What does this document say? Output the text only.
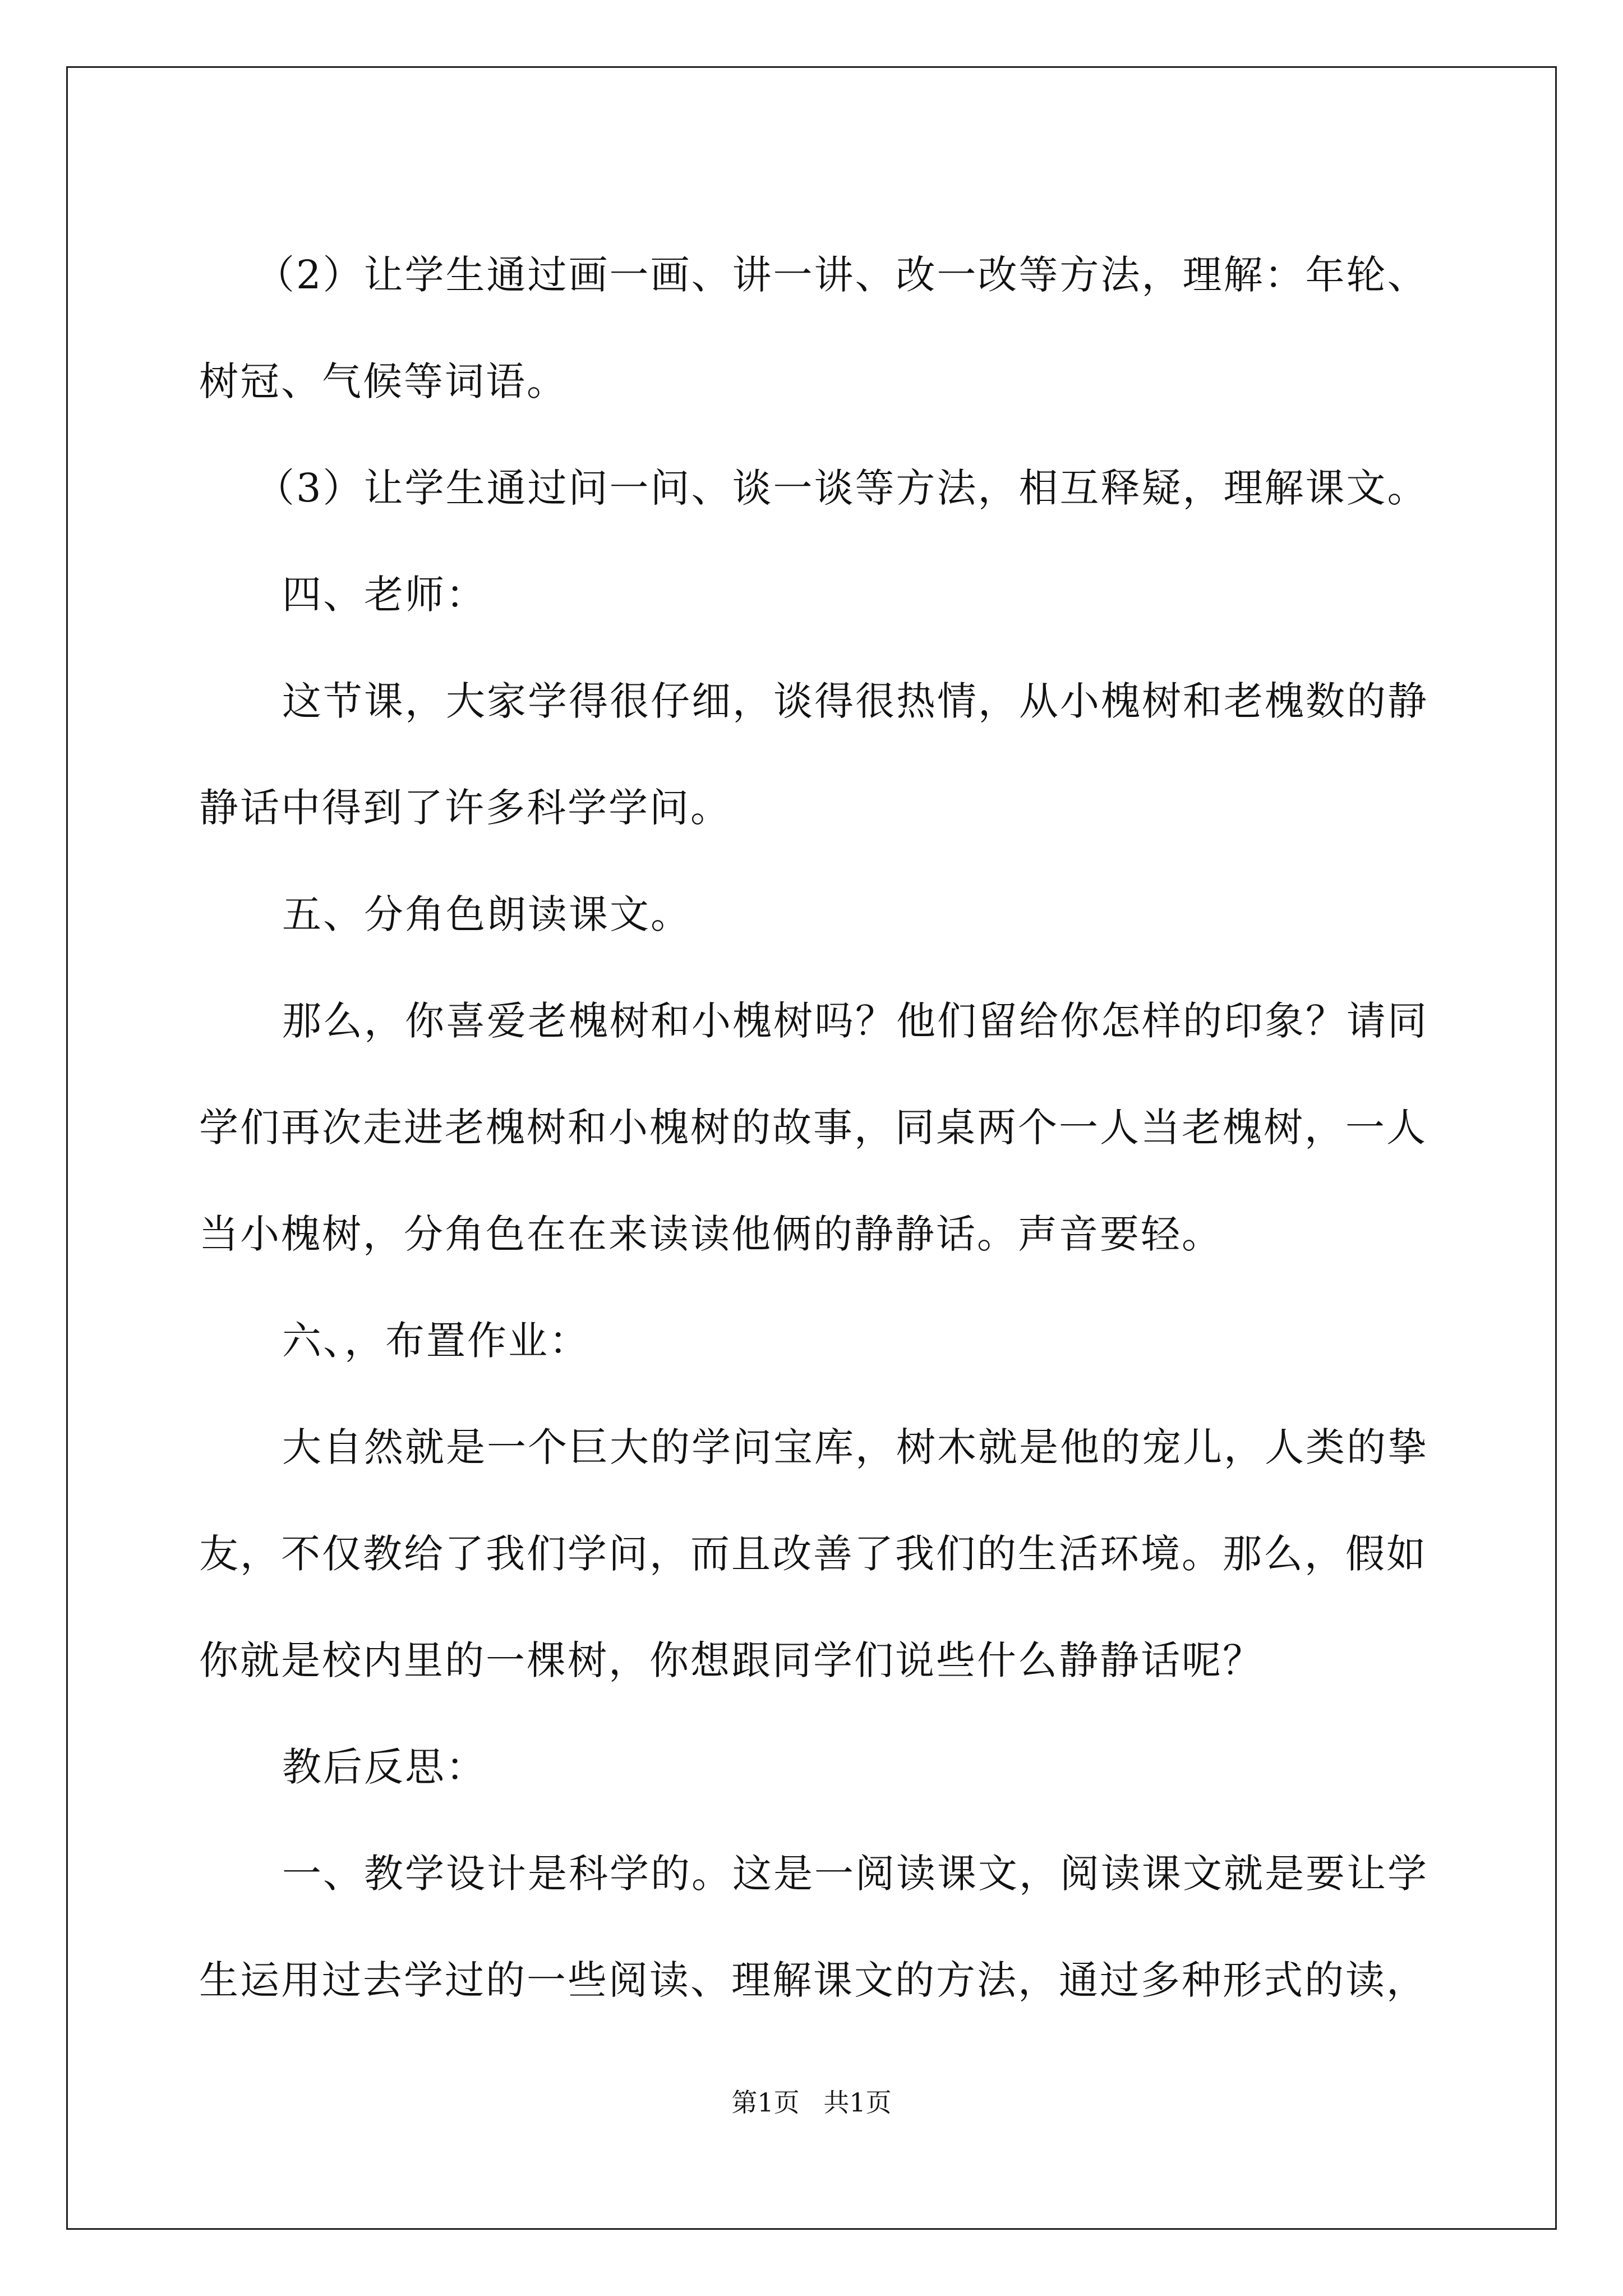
（2）让学生通过画一画、讲一讲、改一改等方法，理解：年轮、

树冠、气候等词语。

（3）让学生通过问一问、谈一谈等方法，相互释疑，理解课文。

四、老师：

这节课，大家学得很仔细，谈得很热情，从小槐树和老槐数的静

静话中得到了许多科学学问。

五、分角色朗读课文。

那么，你喜爱老槐树和小槐树吗？他们留给你怎样的印象？请同

学们再次走进老槐树和小槐树的故事，同桌两个一人当老槐树，一人

当小槐树，分角色在在来读读他俩的静静话。声音要轻。

六、，布置作业：

大自然就是一个巨大的学问宝库，树木就是他的宠儿，人类的挚

友，不仅教给了我们学问，而且改善了我们的生活环境。那么，假如

你就是校内里的一棵树，你想跟同学们说些什么静静话呢？

教后反思：

一、教学设计是科学的。这是一阅读课文，阅读课文就是要让学

生运用过去学过的一些阅读、理解课文的方法，通过多种形式的读，

第1页 共1页
